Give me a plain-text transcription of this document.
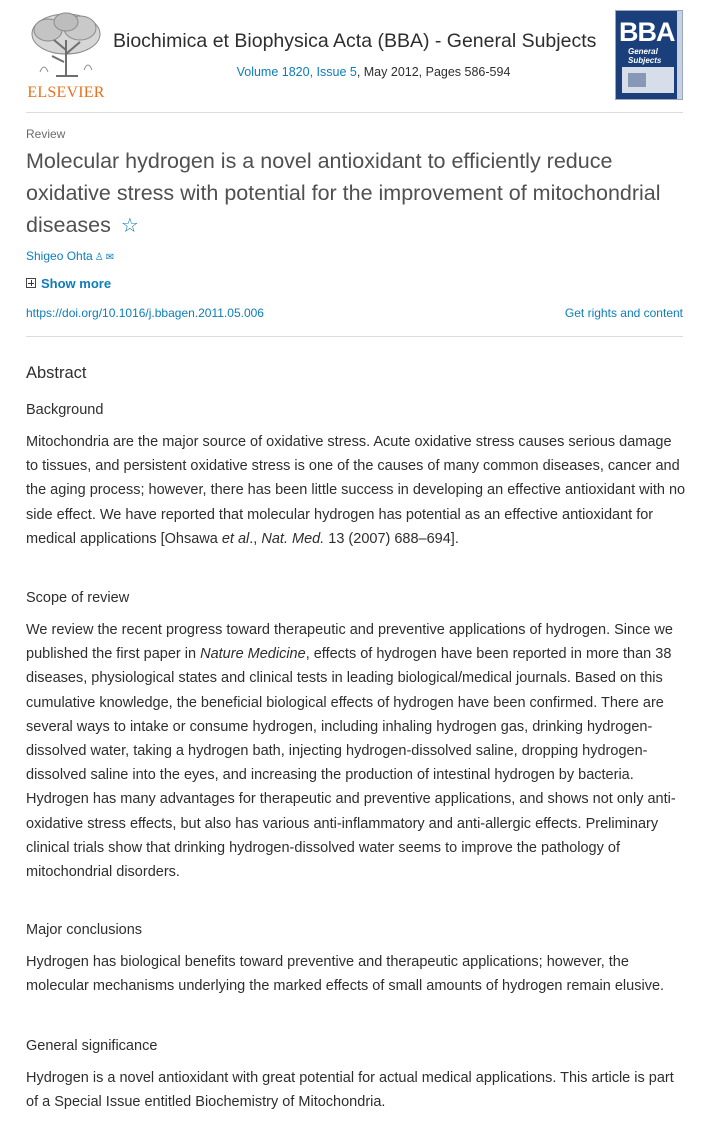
ELSEVIER
Biochimica et Biophysica Acta (BBA) - General Subjects
Volume 1820, Issue 5, May 2012, Pages 586-594
BBA
General
Subjects
Review
Molecular hydrogen is a novel antioxidant to efficiently reduce oxidative stress with potential for the improvement of mitochondrial diseases ☆
Shigeo Ohta ♙ ✉
Show more
https://doi.org/10.1016/j.bbagen.2011.05.006	Get rights and content
Abstract
Background

Mitochondria are the major source of oxidative stress. Acute oxidative stress causes serious damage to tissues, and persistent oxidative stress is one of the causes of many common diseases, cancer and the aging process; however, there has been little success in developing an effective antioxidant with no side effect. We have reported that molecular hydrogen has potential as an effective antioxidant for medical applications [Ohsawa et al., Nat. Med. 13 (2007) 688–694].

Scope of review

We review the recent progress toward therapeutic and preventive applications of hydrogen. Since we published the first paper in Nature Medicine, effects of hydrogen have been reported in more than 38 diseases, physiological states and clinical tests in leading biological/medical journals. Based on this cumulative knowledge, the beneficial biological effects of hydrogen have been confirmed. There are several ways to intake or consume hydrogen, including inhaling hydrogen gas, drinking hydrogen-dissolved water, taking a hydrogen bath, injecting hydrogen-dissolved saline, dropping hydrogen-dissolved saline into the eyes, and increasing the production of intestinal hydrogen by bacteria. Hydrogen has many advantages for therapeutic and preventive applications, and shows not only anti-oxidative stress effects, but also has various anti-inflammatory and anti-allergic effects. Preliminary clinical trials show that drinking hydrogen-dissolved water seems to improve the pathology of mitochondrial disorders.

Major conclusions

Hydrogen has biological benefits toward preventive and therapeutic applications; however, the molecular mechanisms underlying the marked effects of small amounts of hydrogen remain elusive.

General significance

Hydrogen is a novel antioxidant with great potential for actual medical applications. This article is part of a Special Issue entitled Biochemistry of Mitochondria.
